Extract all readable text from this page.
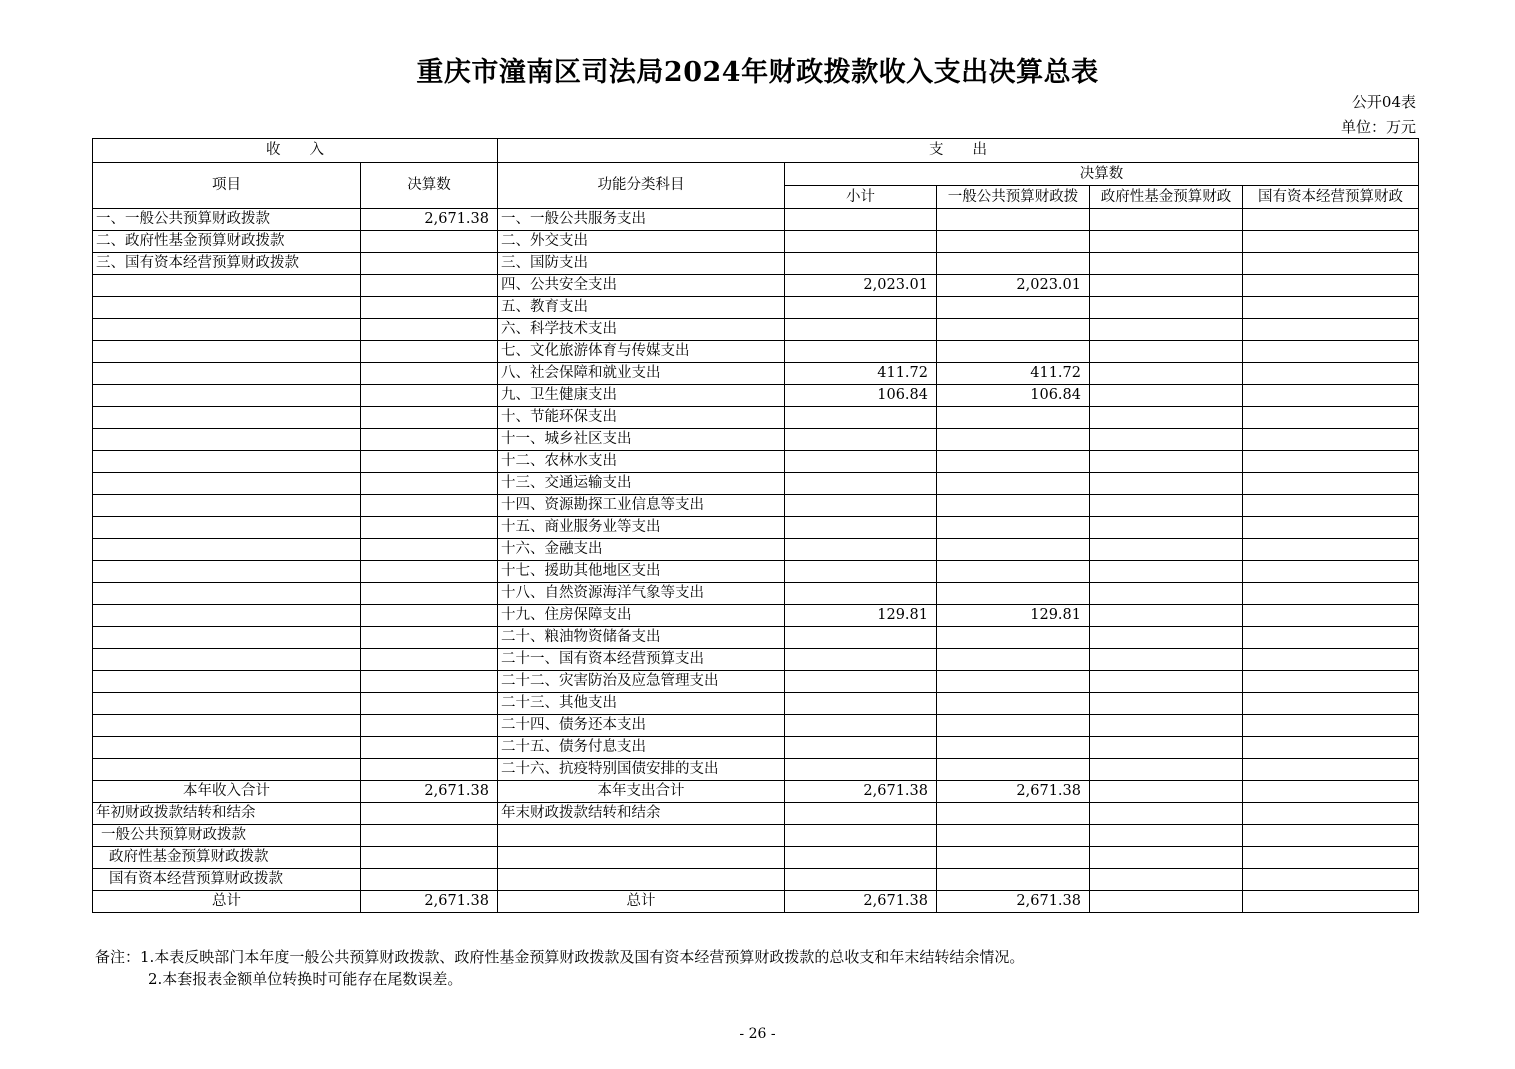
重庆市潼南区司法局2024年财政拨款收入支出决算总表
公开04表
单位：万元
收　　入		支　　出				
项目	决算数	功能分类科目	决算数			
			小计	一般公共预算财政拨	政府性基金预算财政	国有资本经营预算财政
一、一般公共预算财政拨款	2,671.38	一、一般公共服务支出				
二、政府性基金预算财政拨款		二、外交支出				
三、国有资本经营预算财政拨款		三、国防支出				
		四、公共安全支出	2,023.01	2,023.01		
		五、教育支出				
		六、科学技术支出				
		七、文化旅游体育与传媒支出				
		八、社会保障和就业支出	411.72	411.72		
		九、卫生健康支出	106.84	106.84		
		十、节能环保支出				
		十一、城乡社区支出				
		十二、农林水支出				
		十三、交通运输支出				
		十四、资源勘探工业信息等支出				
		十五、商业服务业等支出				
		十六、金融支出				
		十七、援助其他地区支出				
		十八、自然资源海洋气象等支出				
		十九、住房保障支出	129.81	129.81		
		二十、粮油物资储备支出				
		二十一、国有资本经营预算支出				
		二十二、灾害防治及应急管理支出				
		二十三、其他支出				
		二十四、债务还本支出				
		二十五、债务付息支出				
		二十六、抗疫特别国债安排的支出				
本年收入合计	2,671.38	本年支出合计	2,671.38	2,671.38		
年初财政拨款结转和结余		年末财政拨款结转和结余				
一般公共预算财政拨款						
政府性基金预算财政拨款						
国有资本经营预算财政拨款						
总计	2,671.38	总计	2,671.38	2,671.38		
备注：1.本表反映部门本年度一般公共预算财政拨款、政府性基金预算财政拨款及国有资本经营预算财政拨款的总收支和年末结转结余情况。
2.本套报表金额单位转换时可能存在尾数误差。
- 26 -
